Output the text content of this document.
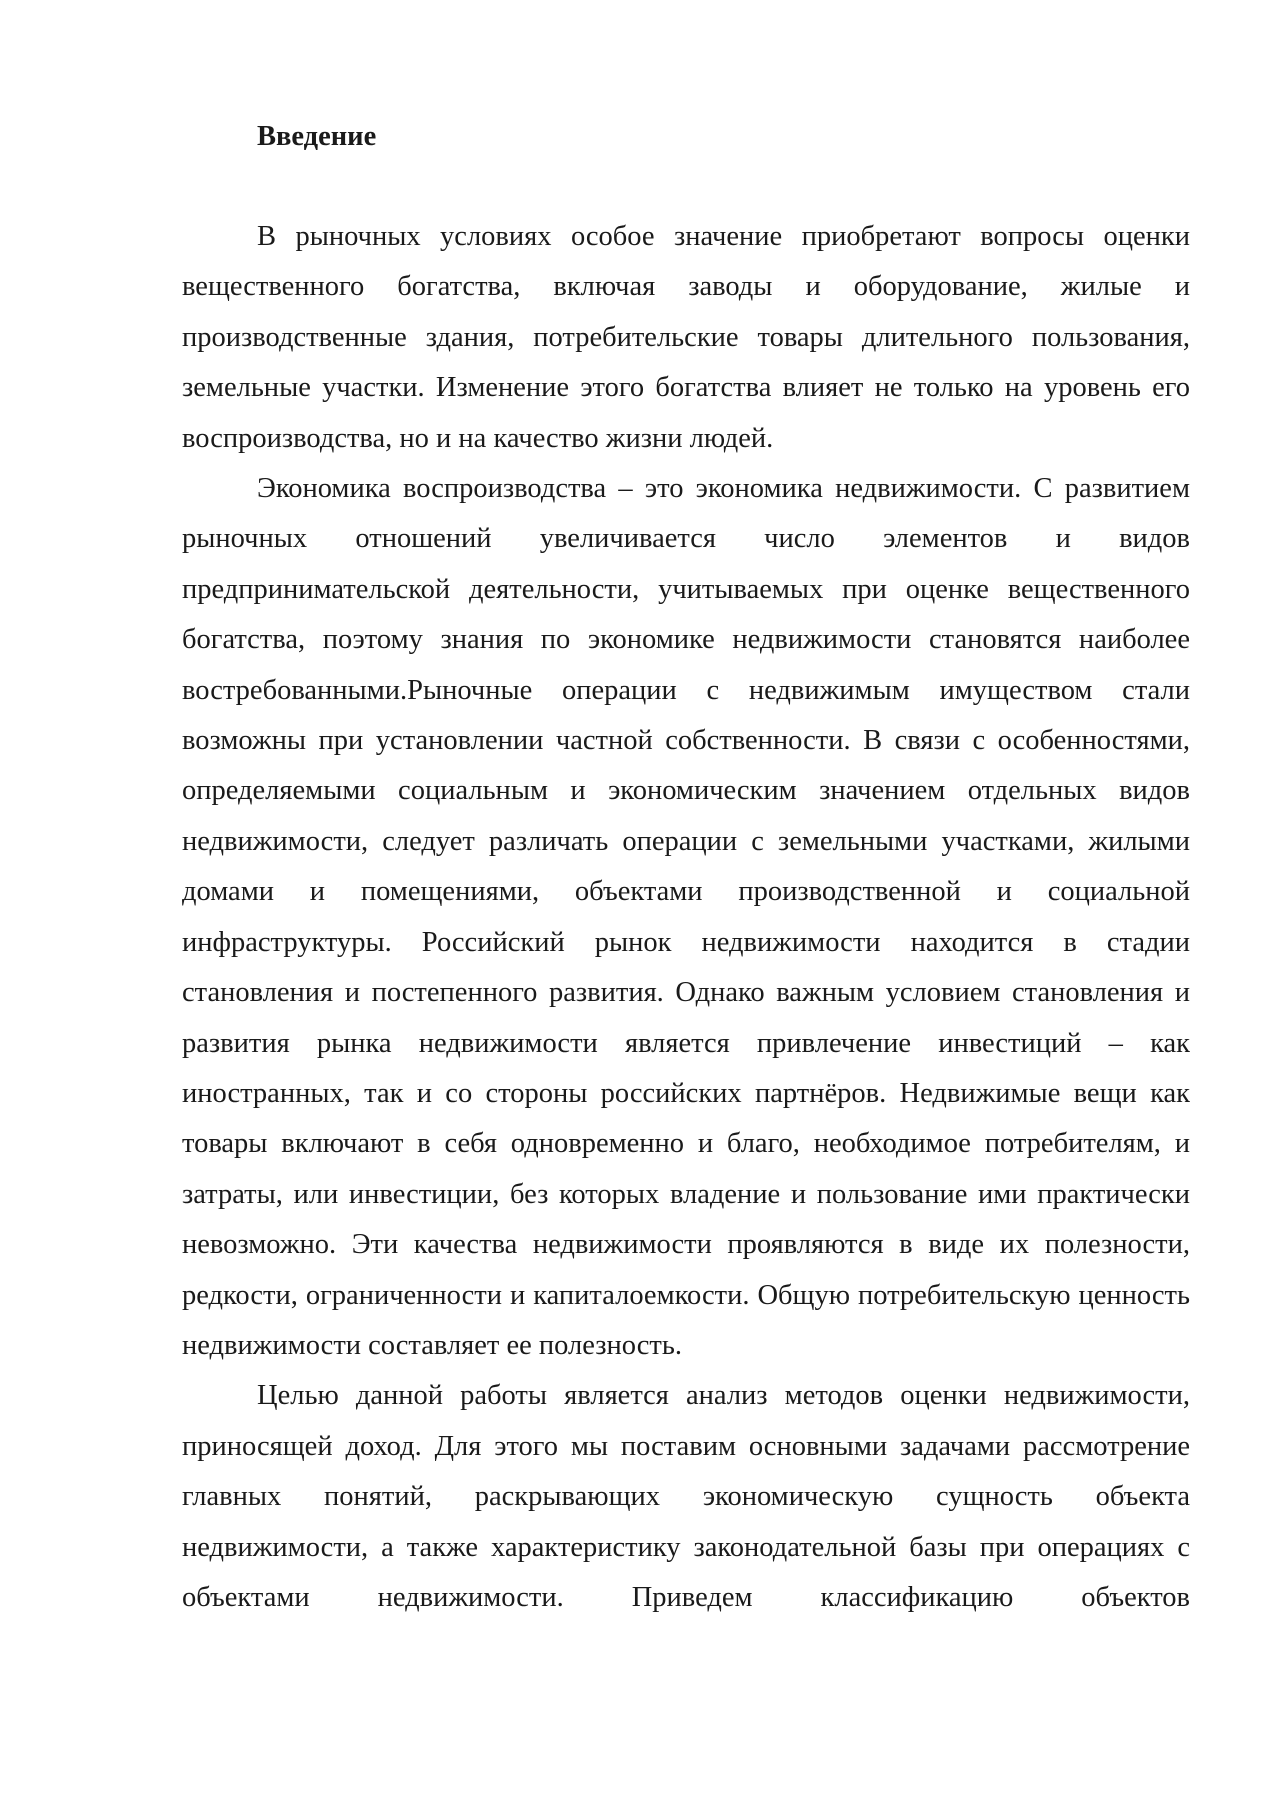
Введение

В рыночных условиях особое значение приобретают вопросы оценки вещественного богатства, включая заводы и оборудование, жилые и производственные здания, потребительские товары длительного пользования, земельные участки. Изменение этого богатства влияет не только на уровень его воспроизводства, но и на качество жизни людей.

Экономика воспроизводства – это экономика недвижимости. С развитием рыночных отношений увеличивается число элементов и видов предпринимательской деятельности, учитываемых при оценке вещественного богатства, поэтому знания по экономике недвижимости становятся наиболее востребованными.Рыночные операции с недвижимым имуществом стали возможны при установлении частной собственности. В связи с особенностями, определяемыми социальным и экономическим значением отдельных видов недвижимости, следует различать операции с земельными участками, жилыми домами и помещениями, объектами производственной и социальной инфраструктуры. Российский рынок недвижимости находится в стадии становления и постепенного развития. Однако важным условием становления и развития рынка недвижимости является привлечение инвестиций – как иностранных, так и со стороны российских партнёров. Недвижимые вещи как товары включают в себя одновременно и благо, необходимое потребителям, и затраты, или инвестиции, без которых владение и пользование ими практически невозможно. Эти качества недвижимости проявляются в виде их полезности, редкости, ограниченности и капиталоемкости. Общую потребительскую ценность недвижимости составляет ее полезность.

Целью данной работы является анализ методов оценки недвижимости, приносящей доход. Для этого мы поставим основными задачами рассмотрение главных понятий, раскрывающих экономическую сущность объекта недвижимости, а также характеристику законодательной базы при операциях с объектами недвижимости. Приведем классификацию объектов
